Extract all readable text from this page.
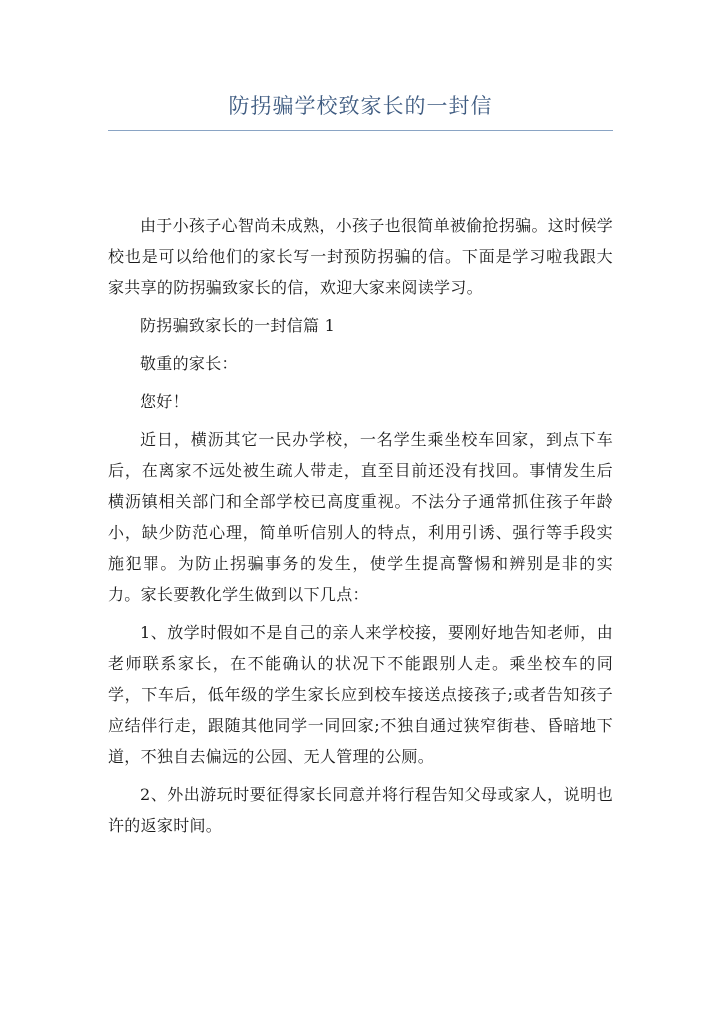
防拐骗学校致家长的一封信

由于小孩子心智尚未成熟，小孩子也很简单被偷抢拐骗。这时候学校也是可以给他们的家长写一封预防拐骗的信。下面是学习啦我跟大家共享的防拐骗致家长的信，欢迎大家来阅读学习。

防拐骗致家长的一封信篇 1

敬重的家长：

您好！

近日，横沥其它一民办学校，一名学生乘坐校车回家，到点下车后，在离家不远处被生疏人带走，直至目前还没有找回。事情发生后横沥镇相关部门和全部学校已高度重视。不法分子通常抓住孩子年龄小，缺少防范心理，简单听信别人的特点，利用引诱、强行等手段实施犯罪。为防止拐骗事务的发生，使学生提高警惕和辨别是非的实力。家长要教化学生做到以下几点：

1、放学时假如不是自己的亲人来学校接，要刚好地告知老师，由老师联系家长，在不能确认的状况下不能跟别人走。乘坐校车的同学，下车后，低年级的学生家长应到校车接送点接孩子;或者告知孩子应结伴行走，跟随其他同学一同回家;不独自通过狭窄街巷、昏暗地下道，不独自去偏远的公园、无人管理的公厕。

2、外出游玩时要征得家长同意并将行程告知父母或家人，说明也许的返家时间。
